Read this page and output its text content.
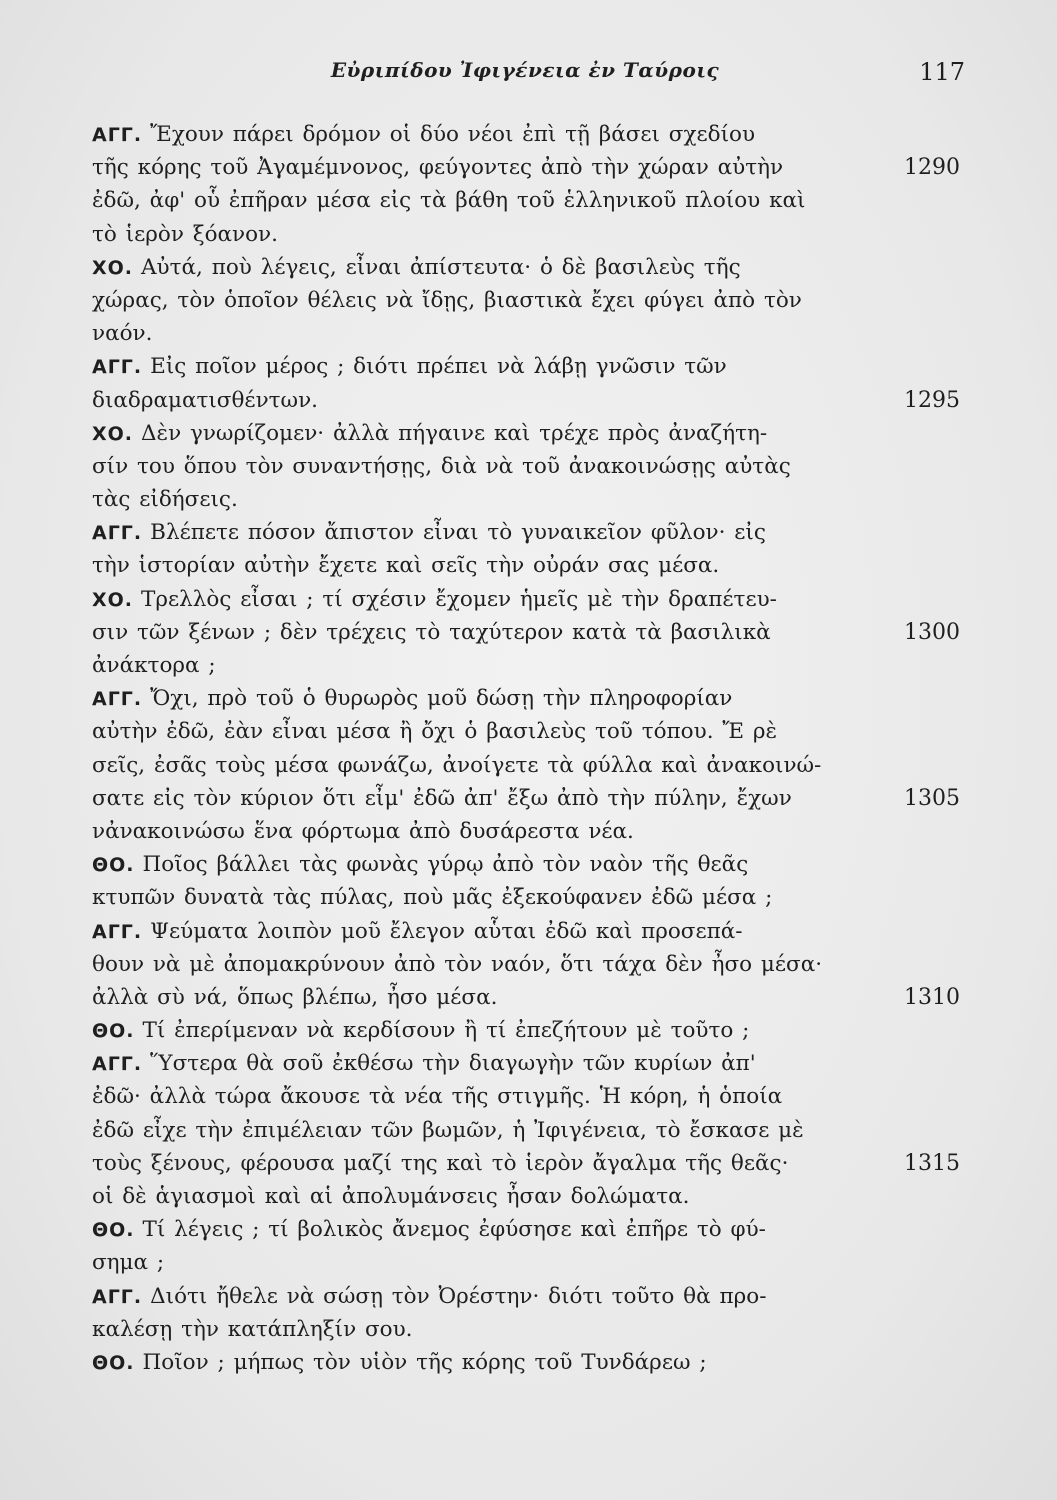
Εὐριπίδου Ἰφιγένεια ἐν Ταύροις	117
ΑΓΓ. Ἔχουν πάρει δρόμον οἱ δύο νέοι ἐπὶ τῇ βάσει σχεδίου
τῆς κόρης τοῦ Ἀγαμέμνονος, φεύγοντες ἀπὸ τὴν χώραν αὐτὴν	1290
ἐδῶ, ἀφ' οὗ ἐπῆραν μέσα εἰς τὰ βάθη τοῦ ἑλληνικοῦ πλοίου καὶ
τὸ ἱερὸν ξόανον.
ΧΟ. Αὐτά, ποὺ λέγεις, εἶναι ἀπίστευτα· ὁ δὲ βασιλεὺς τῆς
χώρας, τὸν ὁποῖον θέλεις νὰ ἴδῃς, βιαστικὰ ἔχει φύγει ἀπὸ τὸν
ναόν.
ΑΓΓ. Εἰς ποῖον μέρος ; διότι πρέπει νὰ λάβῃ γνῶσιν τῶν
διαδραματισθέντων.	1295
ΧΟ. Δὲν γνωρίζομεν· ἀλλὰ πήγαινε καὶ τρέχε πρὸς ἀναζήτη-
σίν του ὅπου τὸν συναντήσῃς, διὰ νὰ τοῦ ἀνακοινώσῃς αὐτὰς
τὰς εἰδήσεις.
ΑΓΓ. Βλέπετε πόσον ἄπιστον εἶναι τὸ γυναικεῖον φῦλον· εἰς
τὴν ἱστορίαν αὐτὴν ἔχετε καὶ σεῖς τὴν οὐράν σας μέσα.
ΧΟ. Τρελλὸς εἶσαι ; τί σχέσιν ἔχομεν ἡμεῖς μὲ τὴν δραπέτευ-
σιν τῶν ξένων ; δὲν τρέχεις τὸ ταχύτερον κατὰ τὰ βασιλικὰ	1300
ἀνάκτορα ;
ΑΓΓ. Ὄχι, πρὸ τοῦ ὁ θυρωρὸς μοῦ δώσῃ τὴν πληροφορίαν
αὐτὴν ἐδῶ, ἐὰν εἶναι μέσα ἢ ὄχι ὁ βασιλεὺς τοῦ τόπου. Ἔ ρὲ
σεῖς, ἐσᾶς τοὺς μέσα φωνάζω, ἀνοίγετε τὰ φύλλα καὶ ἀνακοινώ-
σατε εἰς τὸν κύριον ὅτι εἶμ' ἐδῶ ἀπ' ἔξω ἀπὸ τὴν πύλην, ἔχων	1305
νἀνακοινώσω ἕνα φόρτωμα ἀπὸ δυσάρεστα νέα.
ΘΟ. Ποῖος βάλλει τὰς φωνὰς γύρῳ ἀπὸ τὸν ναὸν τῆς θεᾶς
κτυπῶν δυνατὰ τὰς πύλας, ποὺ μᾶς ἐξεκούφανεν ἐδῶ μέσα ;
ΑΓΓ. Ψεύματα λοιπὸν μοῦ ἔλεγον αὗται ἐδῶ καὶ προσεπά-
θουν νὰ μὲ ἀπομακρύνουν ἀπὸ τὸν ναόν, ὅτι τάχα δὲν ἦσο μέσα·
ἀλλὰ σὺ νά, ὅπως βλέπω, ἦσο μέσα.	1310
ΘΟ. Τί ἐπερίμεναν νὰ κερδίσουν ἢ τί ἐπεζήτουν μὲ τοῦτο ;
ΑΓΓ. Ὕστερα θὰ σοῦ ἐκθέσω τὴν διαγωγὴν τῶν κυρίων ἀπ'
ἐδῶ· ἀλλὰ τώρα ἄκουσε τὰ νέα τῆς στιγμῆς. Ἡ κόρη, ἡ ὁποία
ἐδῶ εἶχε τὴν ἐπιμέλειαν τῶν βωμῶν, ἡ Ἰφιγένεια, τὸ ἔσκασε μὲ
τοὺς ξένους, φέρουσα μαζί της καὶ τὸ ἱερὸν ἄγαλμα τῆς θεᾶς·	1315
οἱ δὲ ἁγιασμοὶ καὶ αἱ ἀπολυμάνσεις ἦσαν δολώματα.
ΘΟ. Τί λέγεις ; τί βολικὸς ἄνεμος ἐφύσησε καὶ ἐπῆρε τὸ φύ-
σημα ;
ΑΓΓ. Διότι ἤθελε νὰ σώσῃ τὸν Ὀρέστην· διότι τοῦτο θὰ προ-
καλέσῃ τὴν κατάπληξίν σου.
ΘΟ. Ποῖον ; μήπως τὸν υἱὸν τῆς κόρης τοῦ Τυνδάρεω ;
